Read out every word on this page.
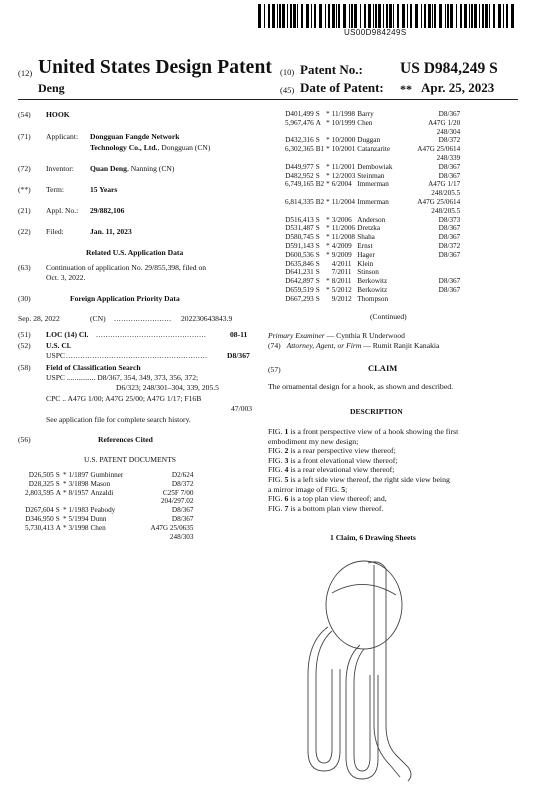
US00D984249S
(12) United States Design Patent
Deng
(10) Patent No.: US D984,249 S
(45) Date of Patent: ** Apr. 25, 2023
(54) HOOK
(71) Applicant: Dongguan Fangde Network
Technology Co., Ltd., Dongguan (CN)
(72) Inventor: Quan Deng, Nanning (CN)
(**) Term:	15 Years
(21) Appl. No.: 29/882,106
(22) Filed:	Jan. 11, 2023
Related U.S. Application Data
(63) Continuation of application No. 29/855,398, filed on
Oct. 3, 2022.
(30)	Foreign Application Priority Data
Sep. 28, 2022	(CN) ........................ 202230643843.9
(51) LOC (14) Cl. ..............................................	08-11
(52) U.S. Cl.
USPC ...........................................................	D8/367
(58) Field of Classification Search
USPC ............... D8/367, 354, 349, 373, 356, 372;
D6/323; 248/301–304, 339, 205.5
CPC .. A47G 1/00; A47G 25/00; A47G 1/17; F16B
47/003
See application file for complete search history.
(56)	References Cited
U.S. PATENT DOCUMENTS
D26,505	S	*	1/1897	Gumbinner	D2/624
D28,325	S	*	3/1898	Mason	D8/372
2,803,595	A	*	8/1957	Anzaldi	C25F 7/00
					204/297.02
D267,604	S	*	1/1983	Peabody	D8/367
D346,950	S	*	5/1994	Dunn	D8/367
5,730,413	A	*	3/1998	Chen	A47G 25/0635
					248/303
D401,499	S	*	11/1998	Barry	D8/367
5,967,476	A	*	10/1999	Chen	A47G 1/20
					248/304
D432,316	S	*	10/2000	Duggan	D8/372
6,302,365	B1	*	10/2001	Catanzarite	A47G 25/0614
					248/339
D449,977	S	*	11/2001	Dembowiak	D8/367
D482,952	S	*	12/2003	Steinman	D8/367
6,749,165	B2	*	6/2004	Immerman	A47G 1/17
					248/205.5
6,814,335	B2	*	11/2004	Immerman	A47G 25/0614
					248/205.5
D516,413	S	*	3/2006	Anderson	D8/373
D531,487	S	*	11/2006	Dretzka	D8/367
D580,745	S	*	11/2008	Shaha	D8/367
D591,143	S	*	4/2009	Ernst	D8/372
D600,536	S	*	9/2009	Hager	D8/367
D635,846	S		4/2011	Klein	
D641,231	S		7/2011	Stinson	
D642,897	S	*	8/2011	Berkowitz	D8/367
D659,519	S	*	5/2012	Berkowitz	D8/367
D667,293	S		9/2012	Thompson	
(Continued)
Primary Examiner — Cynthia R Underwood
(74) Attorney, Agent, or Firm — Rumit Ranjit Kanakia
(57)	CLAIM
The ornamental design for a hook, as shown and described.
DESCRIPTION
FIG. 1 is a front perspective view of a hook showing the first
embodiment my new design;
FIG. 2 is a rear perspective view thereof;
FIG. 3 is a front elevational view thereof;
FIG. 4 is a rear elevational view thereof;
FIG. 5 is a left side view thereof, the right side view being
a mirror image of FIG. 5;
FIG. 6 is a top plan view thereof; and,
FIG. 7 is a bottom plan view thereof.
1 Claim, 6 Drawing Sheets
